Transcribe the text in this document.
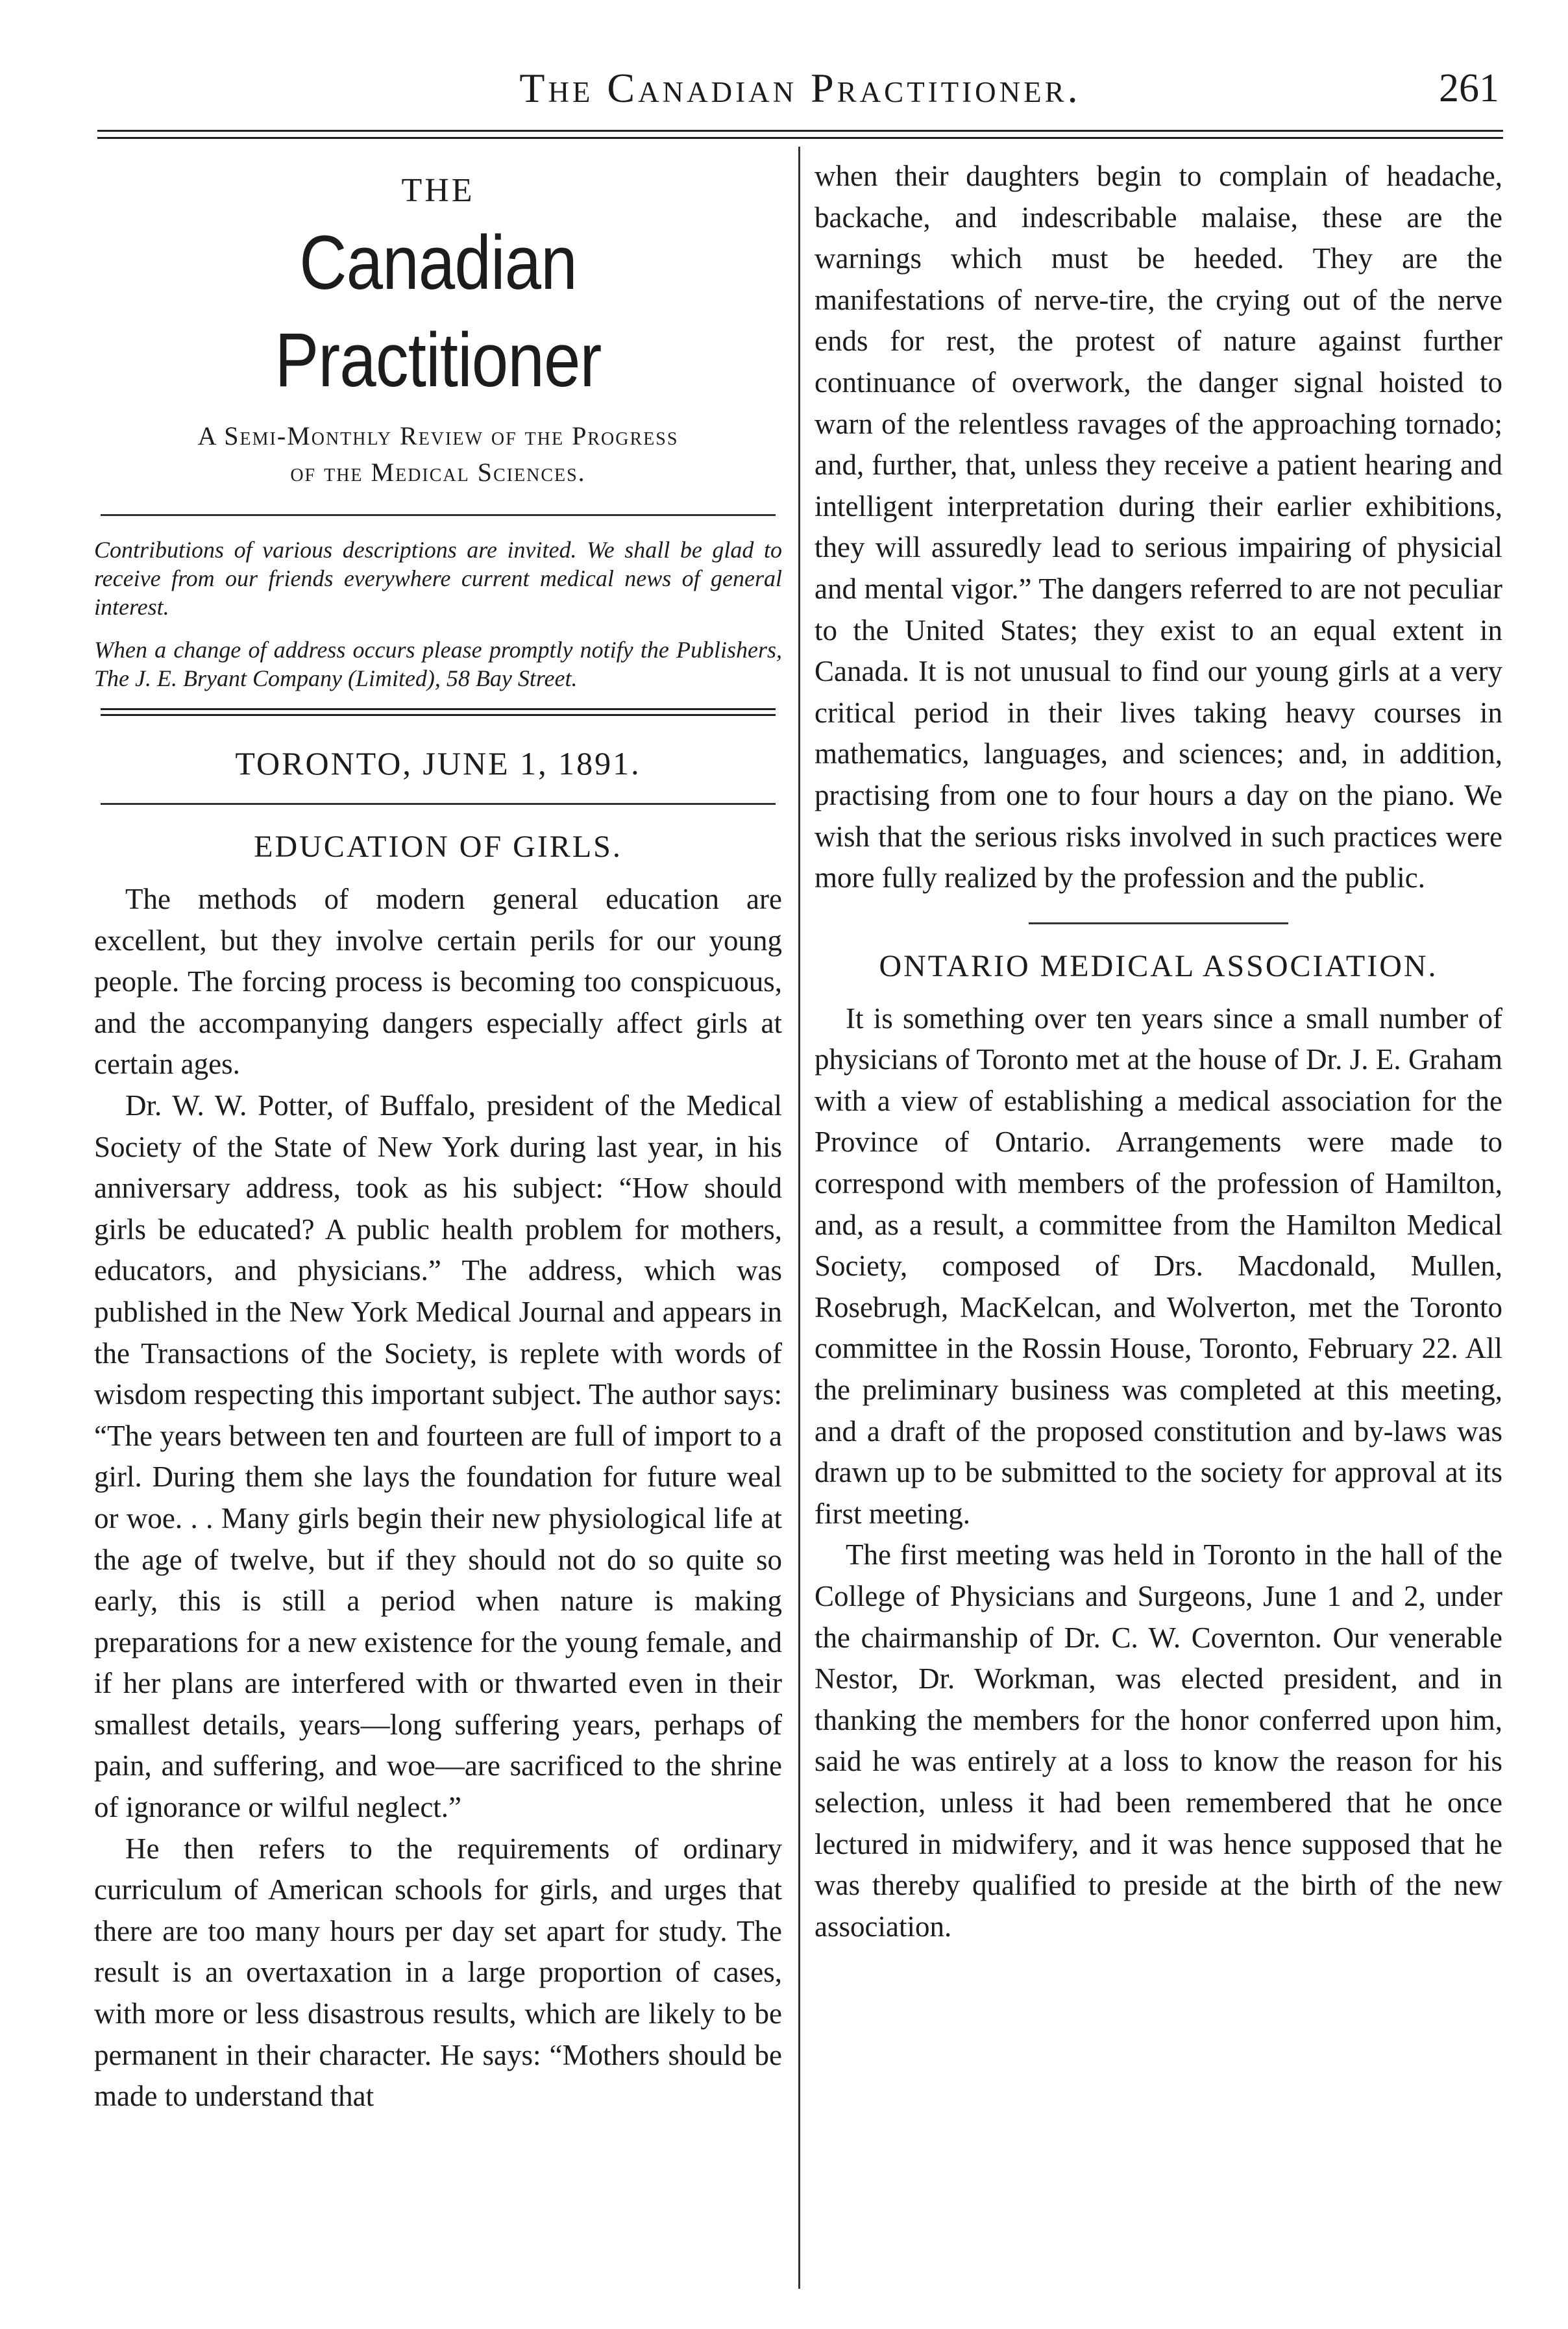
The Canadian Practitioner.	261
THE
Canadian Practitioner
A Semi-Monthly Review of the Progress
of the Medical Sciences.

Contributions of various descriptions are invited. We shall be glad to receive from our friends everywhere current medical news of general interest.

When a change of address occurs please promptly notify the Publishers, The J. E. Bryant Company (Limited), 58 Bay Street.

TORONTO, JUNE 1, 1891.
EDUCATION OF GIRLS.

The methods of modern general education are excellent, but they involve certain perils for our young people. The forcing process is becoming too conspicuous, and the accompanying dangers especially affect girls at certain ages.

Dr. W. W. Potter, of Buffalo, president of the Medical Society of the State of New York during last year, in his anniversary address, took as his subject: “How should girls be educated? A public health problem for mothers, educators, and physicians.” The address, which was published in the New York Medical Journal and appears in the Transactions of the Society, is replete with words of wisdom respecting this important subject. The author says: “The years between ten and fourteen are full of import to a girl. During them she lays the foundation for future weal or woe. . . Many girls begin their new physiological life at the age of twelve, but if they should not do so quite so early, this is still a period when nature is making preparations for a new existence for the young female, and if her plans are interfered with or thwarted even in their smallest details, years—long suffering years, perhaps of pain, and suffering, and woe—are sacrificed to the shrine of ignorance or wilful neglect.”

He then refers to the requirements of ordinary curriculum of American schools for girls, and urges that there are too many hours per day set apart for study. The result is an overtaxation in a large proportion of cases, with more or less disastrous results, which are likely to be permanent in their character. He says: “Mothers should be made to understand that

when their daughters begin to complain of headache, backache, and indescribable malaise, these are the warnings which must be heeded. They are the manifestations of nerve-tire, the crying out of the nerve ends for rest, the protest of nature against further continuance of overwork, the danger signal hoisted to warn of the relentless ravages of the approaching tornado; and, further, that, unless they receive a patient hearing and intelligent interpretation during their earlier exhibitions, they will assuredly lead to serious impairing of physicial and mental vigor.” The dangers referred to are not peculiar to the United States; they exist to an equal extent in Canada. It is not unusual to find our young girls at a very critical period in their lives taking heavy courses in mathematics, languages, and sciences; and, in addition, practising from one to four hours a day on the piano. We wish that the serious risks involved in such practices were more fully realized by the profession and the public.

ONTARIO MEDICAL ASSOCIATION.

It is something over ten years since a small number of physicians of Toronto met at the house of Dr. J. E. Graham with a view of establishing a medical association for the Province of Ontario. Arrangements were made to correspond with members of the profession of Hamilton, and, as a result, a committee from the Hamilton Medical Society, composed of Drs. Macdonald, Mullen, Rosebrugh, MacKelcan, and Wolverton, met the Toronto committee in the Rossin House, Toronto, February 22. All the preliminary business was completed at this meeting, and a draft of the proposed constitution and by-laws was drawn up to be submitted to the society for approval at its first meeting.

The first meeting was held in Toronto in the hall of the College of Physicians and Surgeons, June 1 and 2, under the chairmanship of Dr. C. W. Covernton. Our venerable Nestor, Dr. Workman, was elected president, and in thanking the members for the honor conferred upon him, said he was entirely at a loss to know the reason for his selection, unless it had been remembered that he once lectured in midwifery, and it was hence supposed that he was thereby qualified to preside at the birth of the new association.
